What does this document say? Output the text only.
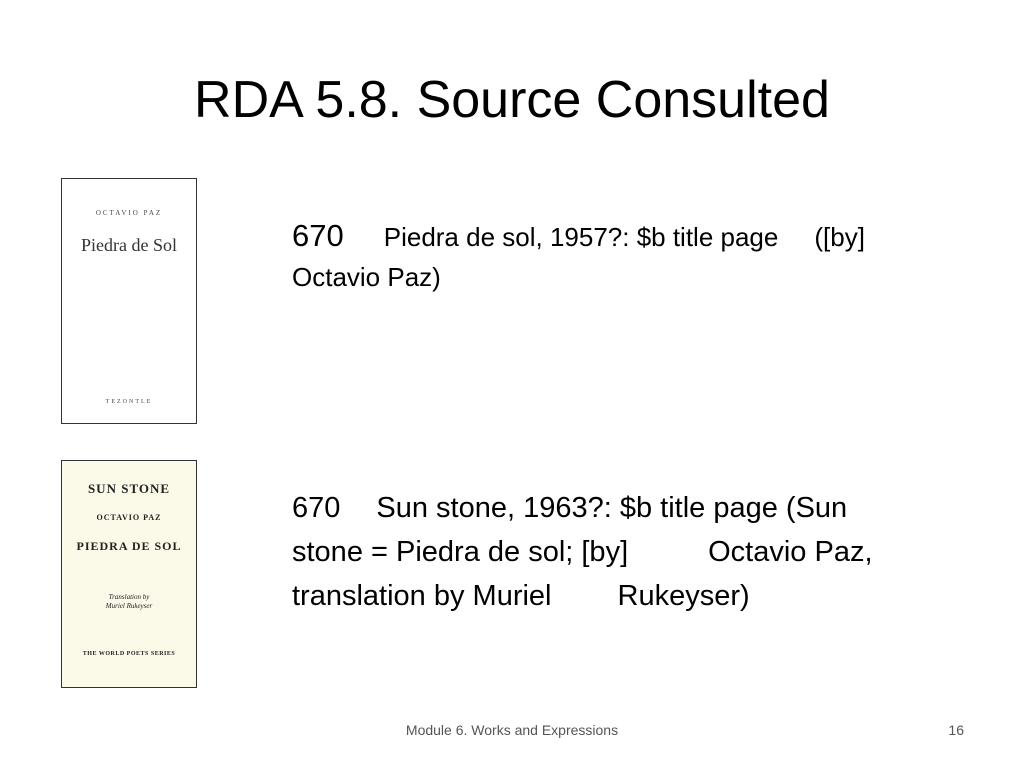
RDA 5.8. Source Consulted
OCTAVIO PAZ
Piedra de Sol
TEZONTLE
SUN STONE
OCTAVIO PAZ
PIEDRA DE SOL
Translation by
Muriel Rukeyser
THE WORLD POETS SERIES
670 Piedra de sol, 1957?: $b title page ([by]
Octavio Paz)
670 Sun stone, 1963?: $b title page (Sun
stone = Piedra de sol; [by]	Octavio Paz,
translation by Muriel Rukeyser)
Module 6. Works and Expressions	16
